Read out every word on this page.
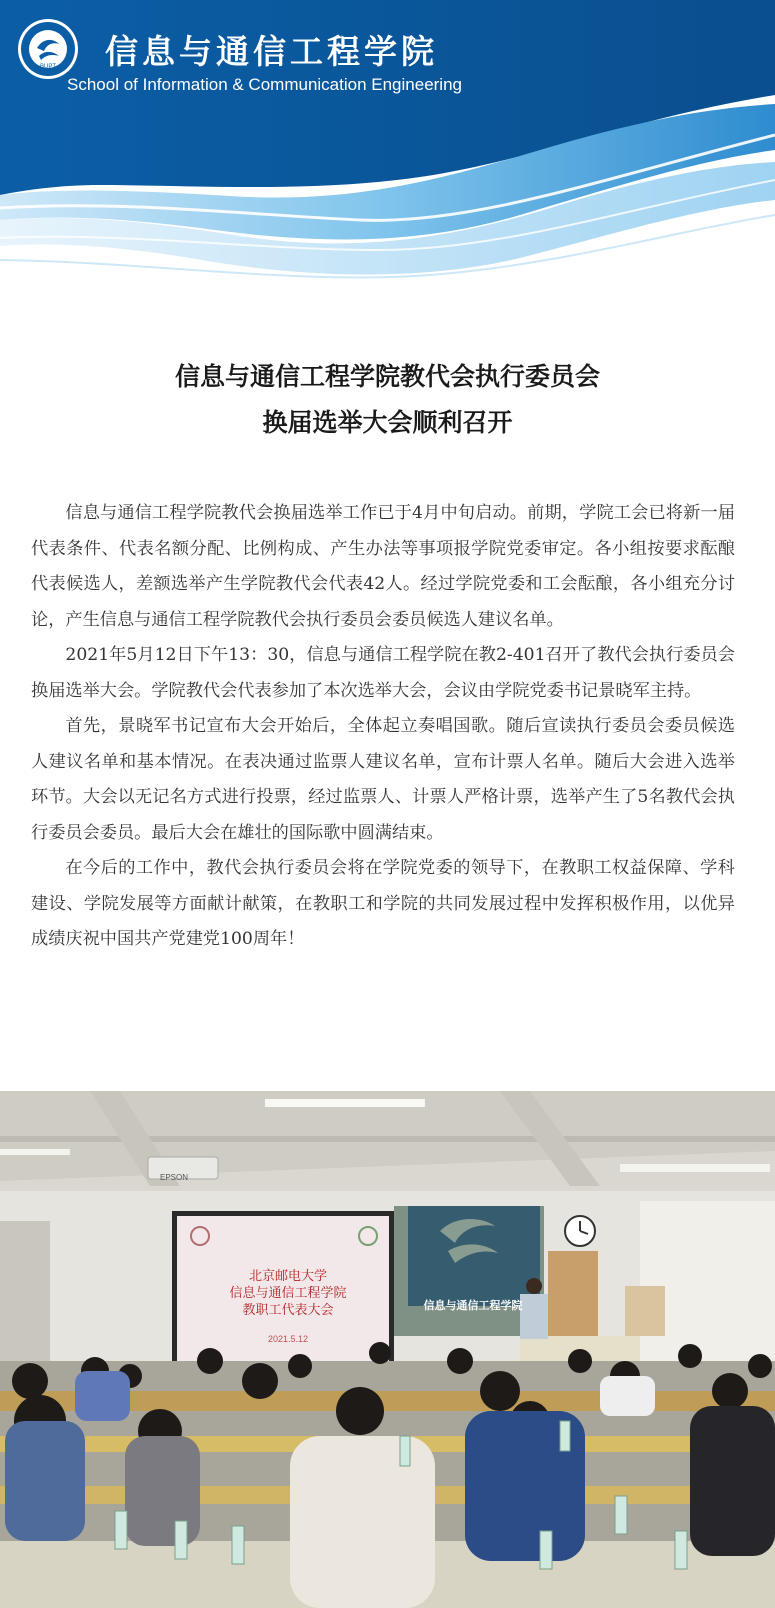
BUPT 信息与通信工程学院
School of Information & Communication Engineering
信息与通信工程学院教代会执行委员会
换届选举大会顺利召开

信息与通信工程学院教代会换届选举工作已于4月中旬启动。前期，学院工会已将新一届代表条件、代表名额分配、比例构成、产生办法等事项报学院党委审定。各小组按要求酝酿代表候选人，差额选举产生学院教代会代表42人。经过学院党委和工会酝酿，各小组充分讨论，产生信息与通信工程学院教代会执行委员会委员候选人建议名单。

2021年5月12日下午13：30，信息与通信工程学院在教2-401召开了教代会执行委员会换届选举大会。学院教代会代表参加了本次选举大会，会议由学院党委书记景晓军主持。

首先，景晓军书记宣布大会开始后，全体起立奏唱国歌。随后宣读执行委员会委员候选人建议名单和基本情况。在表决通过监票人建议名单，宣布计票人名单。随后大会进入选举环节。大会以无记名方式进行投票，经过监票人、计票人严格计票，选举产生了5名教代会执行委员会委员。最后大会在雄壮的国际歌中圆满结束。

在今后的工作中，教代会执行委员会将在学院党委的领导下，在教职工权益保障、学科建设、学院发展等方面献计献策，在教职工和学院的共同发展过程中发挥积极作用，以优异成绩庆祝中国共产党建党100周年！

EPSON
北京邮电大学
信息与通信工程学院
教职工代表大会
2021.5.12
信息与通信工程学院
